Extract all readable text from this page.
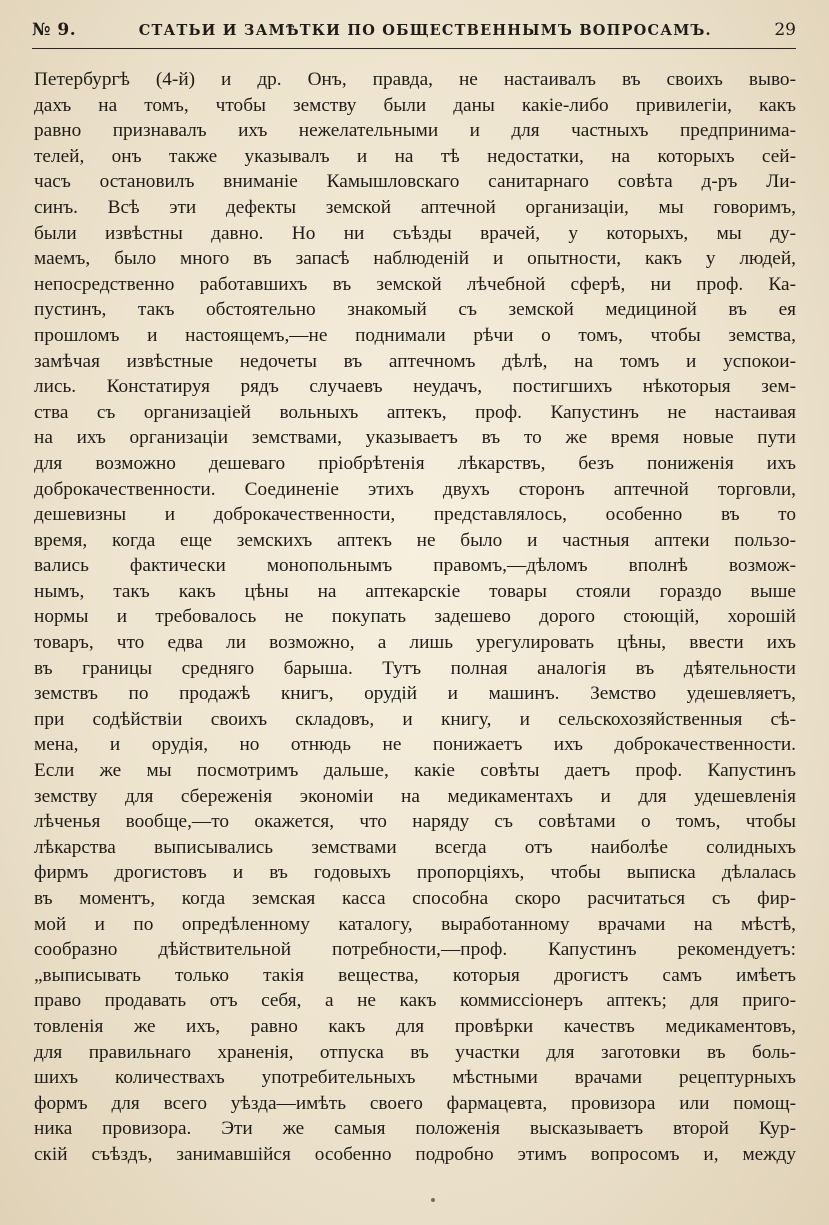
№ 9.	СТАТЬИ И ЗАМѢТКИ ПО ОБЩЕСТВЕННЫМЪ ВОПРОСАМЪ.	29
Петербургѣ (4-й) и др. Онъ, правда, не настаивалъ въ своихъ выво-
дахъ на томъ, чтобы земству были даны какіе-либо привилегіи, какъ
равно признавалъ ихъ нежелательными и для частныхъ предпринима-
телей, онъ также указывалъ и на тѣ недостатки, на которыхъ сей-
часъ остановилъ вниманіе Камышловскаго санитарнаго совѣта д-ръ Ли-
синъ. Всѣ эти дефекты земской аптечной организаціи, мы говоримъ,
были извѣстны давно. Но ни съѣзды врачей, у которыхъ, мы ду-
маемъ, было много въ запасѣ наблюденій и опытности, какъ у людей,
непосредственно работавшихъ въ земской лѣчебной сферѣ, ни проф. Ка-
пустинъ, такъ обстоятельно знакомый съ земской медициной въ ея
прошломъ и настоящемъ,—не поднимали рѣчи о томъ, чтобы земства,
замѣчая извѣстные недочеты въ аптечномъ дѣлѣ, на томъ и успокои-
лись. Констатируя рядъ случаевъ неудачъ, постигшихъ нѣкоторыя зем-
ства съ организаціей вольныхъ аптекъ, проф. Капустинъ не настаивая
на ихъ организаціи земствами, указываетъ въ то же время новые пути
для возможно дешеваго пріобрѣтенія лѣкарствъ, безъ пониженія ихъ
доброкачественности. Соединеніе этихъ двухъ сторонъ аптечной торговли,
дешевизны и доброкачественности, представлялось, особенно въ то
время, когда еще земскихъ аптекъ не было и частныя аптеки пользо-
вались фактически монопольнымъ правомъ,—дѣломъ вполнѣ возмож-
нымъ, такъ какъ цѣны на аптекарскіе товары стояли гораздо выше
нормы и требовалось не покупать задешево дорого стоющій, хорошій
товаръ, что едва ли возможно, а лишь урегулировать цѣны, ввести ихъ
въ границы средняго барыша. Тутъ полная аналогія въ дѣятельности
земствъ по продажѣ книгъ, орудій и машинъ. Земство удешевляетъ,
при содѣйствіи своихъ складовъ, и книгу, и сельскохозяйственныя сѣ-
мена, и орудія, но отнюдь не понижаетъ ихъ доброкачественности.
Если же мы посмотримъ дальше, какіе совѣты даетъ проф. Капустинъ
земству для сбереженія экономіи на медикаментахъ и для удешевленія
лѣченья вообще,—то окажется, что наряду съ совѣтами о томъ, чтобы
лѣкарства выписывались земствами всегда отъ наиболѣе солидныхъ
фирмъ дрогистовъ и въ годовыхъ пропорціяхъ, чтобы выписка дѣлалась
въ моментъ, когда земская касса способна скоро расчитаться съ фир-
мой и по опредѣленному каталогу, выработанному врачами на мѣстѣ,
сообразно дѣйствительной потребности,—проф. Капустинъ рекомендуетъ:
„выписывать только такія вещества, которыя дрогистъ самъ имѣетъ
право продавать отъ себя, а не какъ коммиссіонеръ аптекъ; для приго-
товленія же ихъ, равно какъ для провѣрки качествъ медикаментовъ,
для правильнаго храненія, отпуска въ участки для заготовки въ боль-
шихъ количествахъ употребительныхъ мѣстными врачами рецептурныхъ
формъ для всего уѣзда—имѣть своего фармацевта, провизора или помощ-
ника провизора. Эти же самыя положенія высказываетъ второй Кур-
скій съѣздъ, занимавшійся особенно подробно этимъ вопросомъ и, между
